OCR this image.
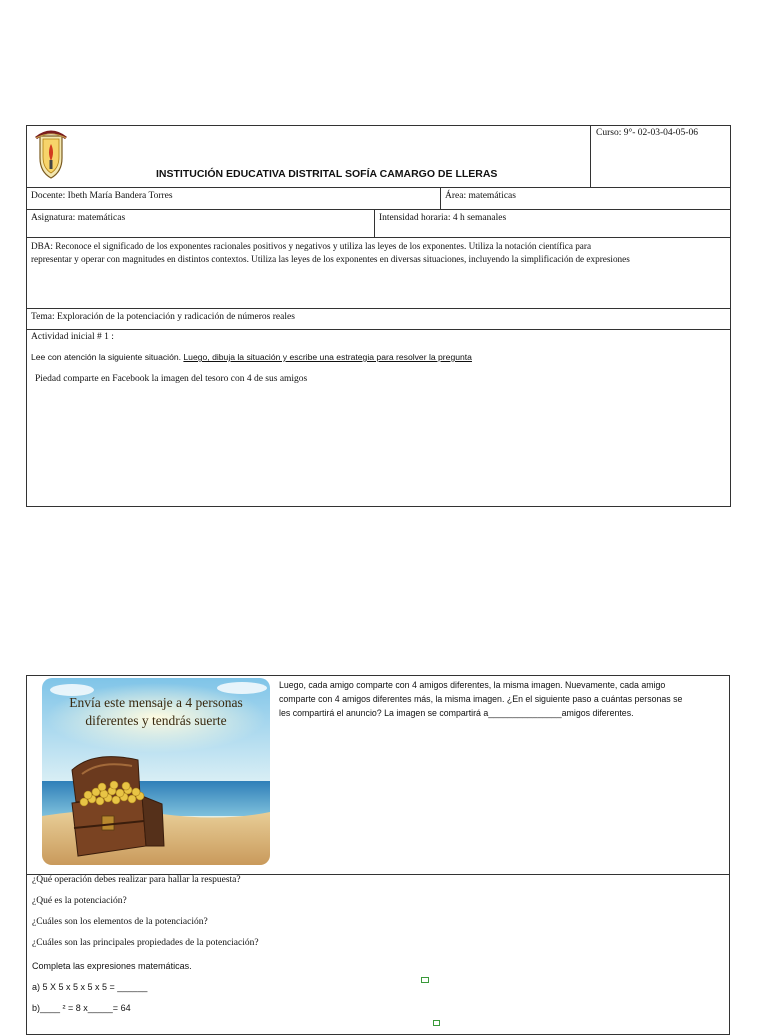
INSTITUCIÓN EDUCATIVA DISTRITAL SOFÍA CAMARGO DE LLERAS
Curso: 9°- 02-03-04-05-06
Docente: Ibeth María Bandera Torres	Área: matemáticas
Asignatura: matemáticas	Intensidad horaria: 4 h semanales
DBA: Reconoce el significado de los exponentes racionales positivos y negativos y utiliza las leyes de los exponentes. Utiliza la notación científica para
representar y operar con magnitudes en distintos contextos. Utiliza las leyes de los exponentes en diversas situaciones, incluyendo la simplificación de expresiones
Tema: Exploración de la potenciación y radicación de números reales
Actividad inicial # 1 :
Lee con atención la siguiente situación. Luego, dibuja la situación y escribe una estrategia para resolver la pregunta
Piedad comparte en Facebook la imagen del tesoro con 4 de sus amigos
Envía este mensaje a 4 personas
diferentes y tendrás suerte
Luego, cada amigo comparte con 4 amigos diferentes, la misma imagen. Nuevamente, cada amigo
comparte con 4 amigos diferentes más, la misma imagen. ¿En el siguiente paso a cuántas personas se
les compartirá el anuncio? La imagen se compartirá a_______________amigos diferentes.
¿Qué operación debes realizar para hallar la respuesta?
¿Qué es la potenciación?
¿Cuáles son los elementos de la potenciación?
¿Cuáles son las principales propiedades de la potenciación?
Completa las expresiones matemáticas.
a) 5 X 5 x 5 x 5 x 5 = ______
b)____ ² = 8 x_____= 64
